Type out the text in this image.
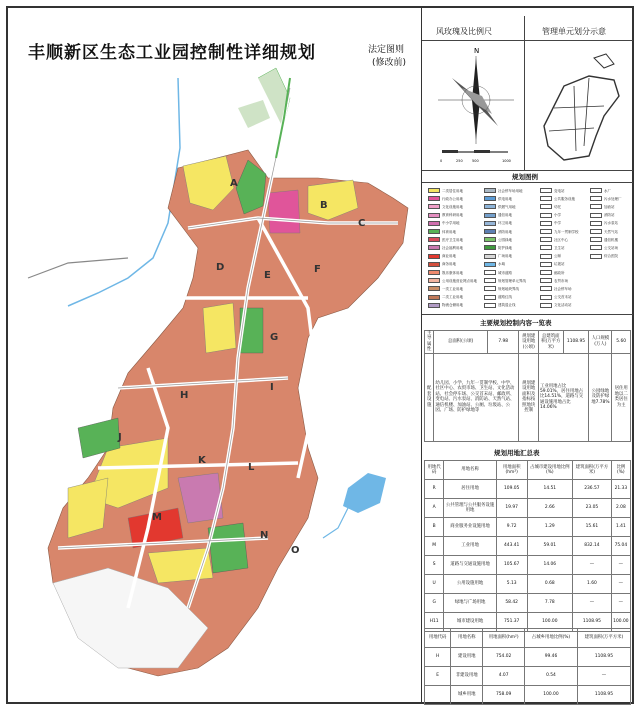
A
B
C
D
E
F
G
H
I
J
K
L
M
N
O
丰顺新区生态工业园控制性详细规划	法定图则
(修改前)
风玫瑰及比例尺	管理单元划分示意
N
0	250	500	1000
规划图例
二类居住用地
行政办公用地
文化设施用地
教育科研用地
中小学用地
体育用地
医疗卫生用地
社会福利用地
商业用地
商务用地
娱乐康体用地
公用设施营业网点用地
一类工业用地
二类工业用地
物流仓储用地
社会停车场用地
供电用地
供燃气用地
通信用地
环卫用地
消防用地
公园绿地
防护绿地
广场用地
水域
城市道路
规划管理单元界线
规划地块界线
道路红线
建筑退让线
变电站
公共服务设施
幼托
小学
中学
九年一贯制学校
社区中心
卫生站
公厕
垃圾站
邮政所
农贸市场
社会停车场
公交首末站
文化活动站
水厂
污水处理厂
加油站
消防站
污水泵站
天然气站
通信机楼
公交站场
综合医院
主要规划控制内容一览表
主导属性	总面积(公顷)	7.98	规划建设用地(公顷)	总建筑面积(万平方米)	1108.95	人口规模(万人)	5.60
配套设施	幼儿园、小学、九年一贯制学校、中学、社区中心、农贸市场、卫生站、文化活动站、社会停车场、公交首末站、邮政所、变电站、污水泵站、消防站、天然气站、通信机楼、加油站、公厕、垃圾站、公园、广场、防护绿地等		规划建设用地面积及指标按照地块控制	工业用地占比59.01%，居住用地占比14.51%，道路与交通设施用地占比14.06%		公园绿地及防护绿地7.78%	居住用地以二类居住为主
规划用地汇总表
用地代码	用地名称	用地面积(hm²)	占城市建设用地比例(%)	建筑面积(万平方米)	比例(%)
R	居住用地	109.05	14.51	236.57	21.33
A	公共管理与公共服务设施用地	19.97	2.66	23.05	2.08
B	商业服务业设施用地	9.72	1.29	15.61	1.41
M	工业用地	443.41	59.01	832.14	75.04
S	道路与交通设施用地	105.67	14.06	—	—
U	公用设施用地	5.13	0.68	1.60	—
G	绿地与广场用地	58.42	7.78	—	—
H11	城市建设用地	751.37	100.00	1108.95	100.00
用地代码	用地名称	用地面积(hm²)	占城乡用地比例(%)	建筑面积(万平方米)
H	建设用地	754.02	99.46	1108.95
E	非建设用地	4.07	0.54	—
	城乡用地	758.09	100.00	1108.95
